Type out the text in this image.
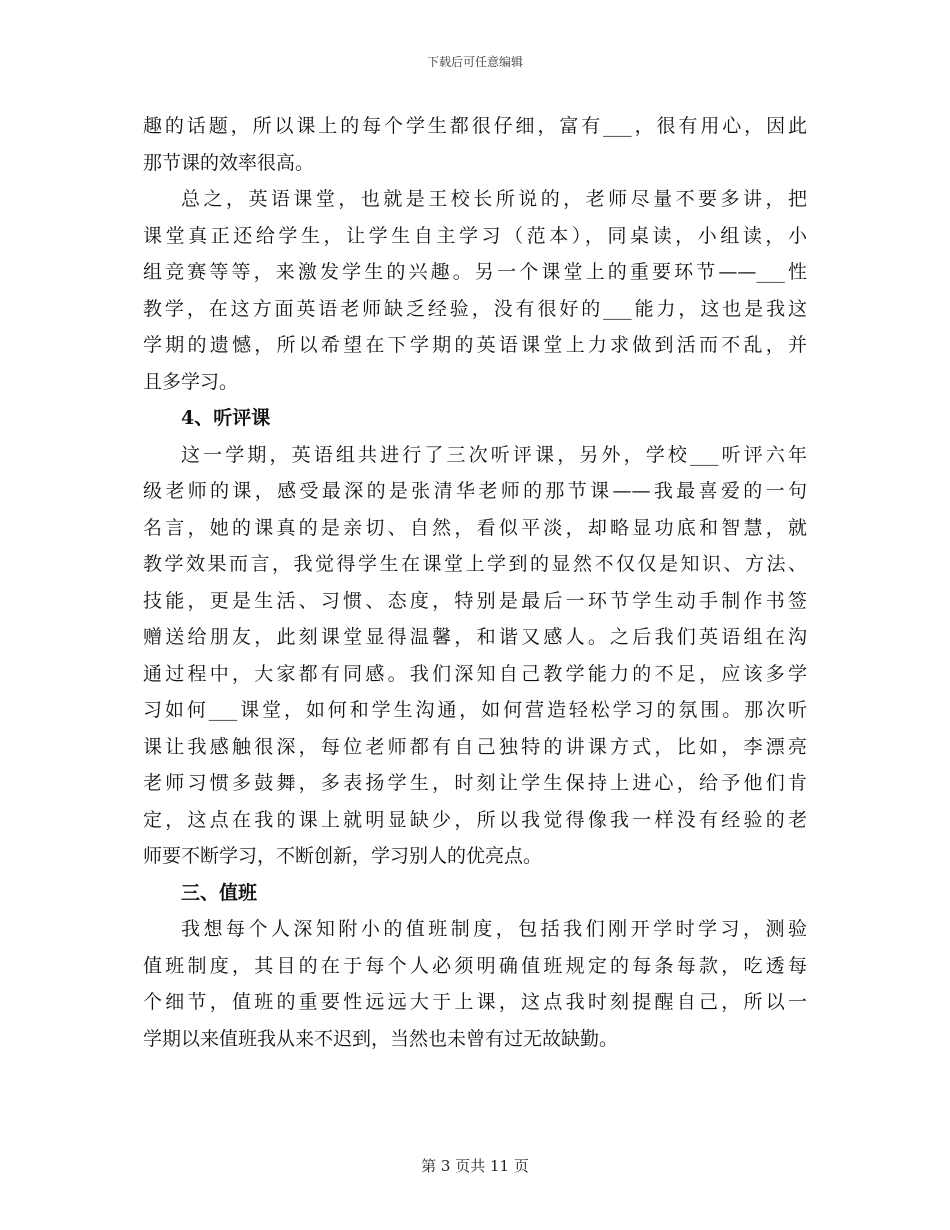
下载后可任意编辑
趣的话题，所以课上的每个学生都很仔细，富有___，很有用心，因此
那节课的效率很高。
总之，英语课堂，也就是王校长所说的，老师尽量不要多讲，把
课堂真正还给学生，让学生自主学习（范本），同桌读，小组读，小
组竞赛等等，来激发学生的兴趣。另一个课堂上的重要环节——___性
教学，在这方面英语老师缺乏经验，没有很好的___能力，这也是我这
学期的遗憾，所以希望在下学期的英语课堂上力求做到活而不乱，并
且多学习。
4、听评课
这一学期，英语组共进行了三次听评课，另外，学校___听评六年
级老师的课，感受最深的是张清华老师的那节课——我最喜爱的一句
名言，她的课真的是亲切、自然，看似平淡，却略显功底和智慧，就
教学效果而言，我觉得学生在课堂上学到的显然不仅仅是知识、方法、
技能，更是生活、习惯、态度，特别是最后一环节学生动手制作书签
赠送给朋友，此刻课堂显得温馨，和谐又感人。之后我们英语组在沟
通过程中，大家都有同感。我们深知自己教学能力的不足，应该多学
习如何___课堂，如何和学生沟通，如何营造轻松学习的氛围。那次听
课让我感触很深，每位老师都有自己独特的讲课方式，比如，李漂亮
老师习惯多鼓舞，多表扬学生，时刻让学生保持上进心，给予他们肯
定，这点在我的课上就明显缺少，所以我觉得像我一样没有经验的老
师要不断学习，不断创新，学习别人的优亮点。
三、值班
我想每个人深知附小的值班制度，包括我们刚开学时学习，测验
值班制度，其目的在于每个人必须明确值班规定的每条每款，吃透每
个细节，值班的重要性远远大于上课，这点我时刻提醒自己，所以一
学期以来值班我从来不迟到，当然也未曾有过无故缺勤。
第 3 页共 11 页
